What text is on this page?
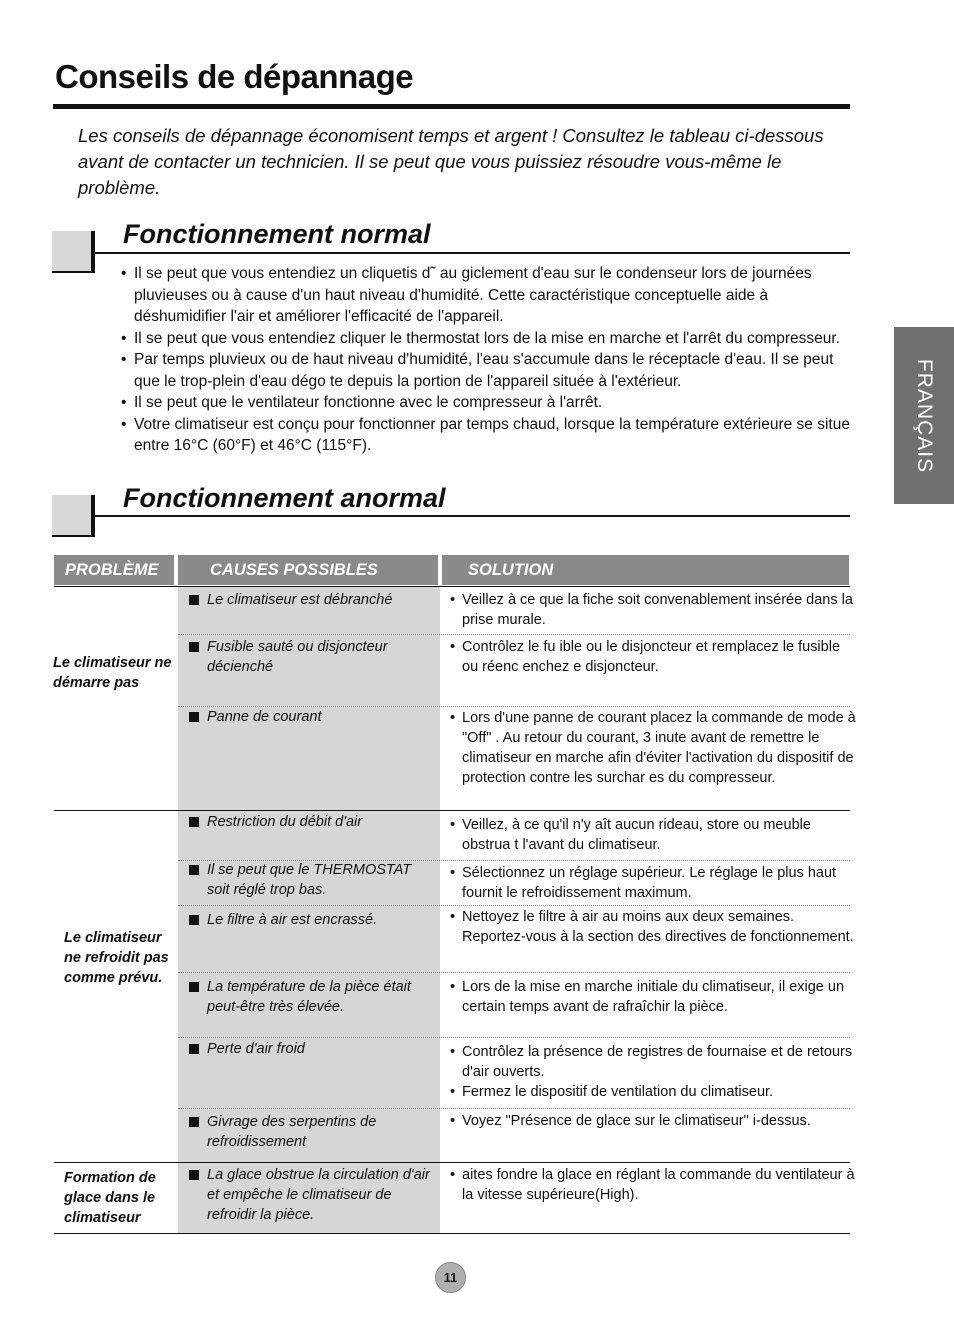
Conseils de dépannage

Les conseils de dépannage économisent temps et argent ! Consultez le tableau ci-dessous avant de contacter un technicien. Il se peut que vous puissiez résoudre vous-même le problème.

FRANÇAIS
Fonctionnement normal
• Il se peut que vous entendiez un cliquetis d˜ au giclement d'eau sur le condenseur lors de journées pluvieuses ou à cause d'un haut niveau d'humidité. Cette caractéristique conceptuelle aide à déshumidifier l'air et améliorer l'efficacité de l'appareil.
• Il se peut que vous entendiez cliquer le thermostat lors de la mise en marche et l'arrêt du compresseur.
• Par temps pluvieux ou de haut niveau d'humidité, l'eau s'accumule dans le réceptacle d'eau. Il se peut que le trop-plein d'eau dégo te depuis la portion de l'appareil située à l'extérieur.
• Il se peut que le ventilateur fonctionne avec le compresseur à l'arrêt.
• Votre climatiseur est conçu pour fonctionner par temps chaud, lorsque la température extérieure se situe entre 16°C (60°F) et 46°C (115°F).
Fonctionnement anormal
PROBLÈME	CAUSES POSSIBLES	SOLUTION
Le climatiseur ne démarre pas
Le climatiseur ne refroidit pas comme prévu.
Formation de glace dans le climatiseur
Le climatiseur est débranché
Fusible sauté ou disjoncteur décienché
Panne de courant
Restriction du débit d'air
Il se peut que le THERMOSTAT soit réglé trop bas.
Le filtre à air est encrassé.
La température de la pièce était peut-être très élevée.
Perte d'air froid
Givrage des serpentins de refroidissement
La glace obstrue la circulation d'air et empêche le climatiseur de refroidir la pièce.

• Veillez à ce que la fiche soit convenablement insérée dans la prise murale.

• Contrôlez le fu ible ou le disjoncteur et remplacez le fusible ou réenc enchez e disjoncteur.

• Lors d'une panne de courant placez la commande de mode à "Off" . Au retour du courant, 3 inute avant de remettre le climatiseur en marche afin d'éviter l'activation du dispositif de protection contre les surchar es du compresseur.

• Veillez, à ce qu'il n'y aît aucun rideau, store ou meuble obstrua t l'avant du climatiseur.

• Sélectionnez un réglage supérieur. Le réglage le plus haut fournit le refroidissement maximum.

• Nettoyez le filtre à air au moins aux deux semaines. Reportez-vous à la section des directives de fonctionnement.

• Lors de la mise en marche initiale du climatiseur, il exige un certain temps avant de rafraîchir la pièce.

• Contrôlez la présence de registres de fournaise et de retours d'air ouverts.

• Fermez le dispositif de ventilation du climatiseur.

• Voyez "Présence de glace sur le climatiseur" i-dessus.

• aites fondre la glace en réglant la commande du ventilateur à la vitesse supérieure(High).

11
